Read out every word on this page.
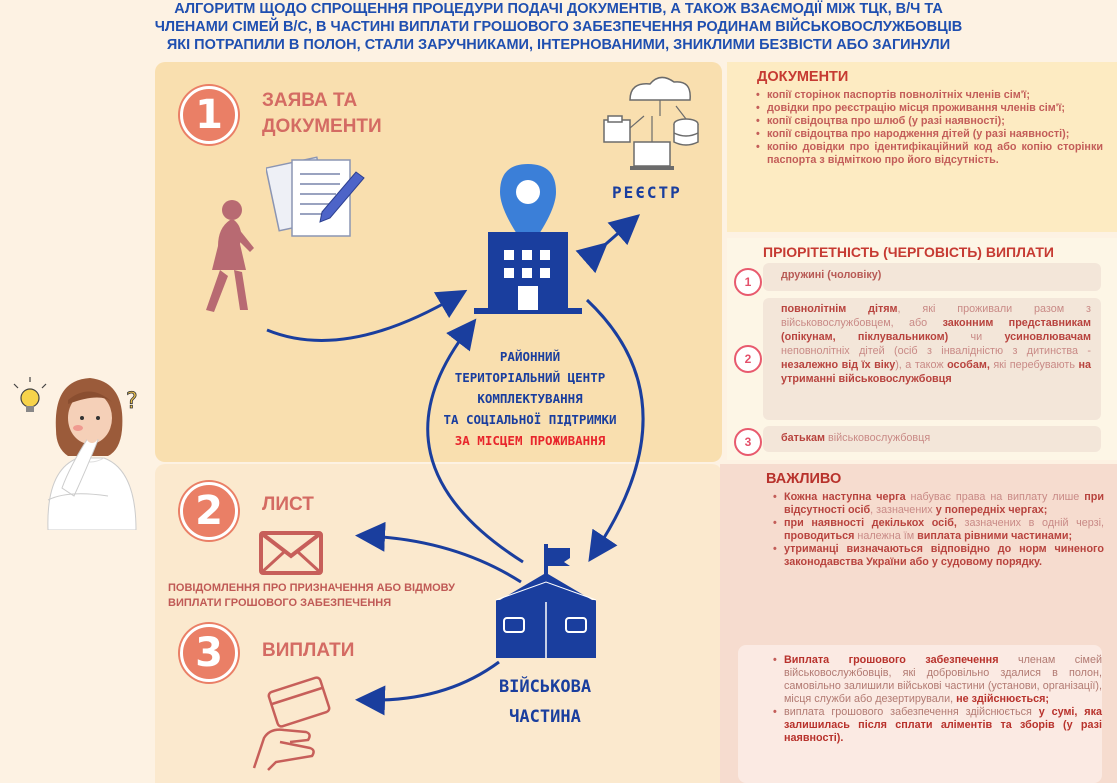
АЛГОРИТМ ЩОДО СПРОЩЕННЯ ПРОЦЕДУРИ ПОДАЧІ ДОКУМЕНТІВ, А ТАКОЖ ВЗАЄМОДІЇ МІЖ ТЦК, В/Ч ТА
ЧЛЕНАМИ СІМЕЙ В/С, В ЧАСТИНІ ВИПЛАТИ ГРОШОВОГО ЗАБЕЗПЕЧЕННЯ РОДИНАМ ВІЙСЬКОВОСЛУЖБОВЦІВ
ЯКІ ПОТРАПИЛИ В ПОЛОН, СТАЛИ ЗАРУЧНИКАМИ, ІНТЕРНОВАНИМИ, ЗНИКЛИМИ БЕЗВІСТИ АБО ЗАГИНУЛИ
?
1	ЗАЯВА ТА
ДОКУМЕНТИ
РЕЄСТР
РАЙОННИЙ
ТЕРИТОРІАЛЬНИЙ ЦЕНТР
КОМПЛЕКТУВАННЯ
ТА СОЦІАЛЬНОЇ ПІДТРИМКИ
ЗА МІСЦЕМ ПРОЖИВАННЯ
2	ЛИСТ
ПОВІДОМЛЕННЯ ПРО ПРИЗНАЧЕННЯ АБО ВІДМОВУ
ВИПЛАТИ ГРОШОВОГО ЗАБЕЗПЕЧЕННЯ
3	ВИПЛАТИ
ВІЙСЬКОВА
ЧАСТИНА
ДОКУМЕНТИ
• копії сторінок паспортів повнолітніх членів сім'ї;
• довідки про реєстрацію місця проживання членів сім'ї;
• копії свідоцтва про шлюб (у разі наявності);
• копії свідоцтва про народження дітей (у разі наявності);
• копію довідки про ідентифікаційний код або копію сторінки паспорта з відміткою про його відсутність.
ПРІОРІТЕТНІСТЬ (ЧЕРГОВІСТЬ) ВИПЛАТИ
дружині (чоловіку)
1
повнолітнім дітям, які проживали разом з військовослужбовцем, або законним представникам (опікунам, піклувальником) чи усиновлювачам неповнолітніх дітей (осіб з інвалідністю з дитинства - незалежно від їх віку), а також особам, які перебувають на утриманні військовослужбовця
2
батькам військовослужбовця
3
ВАЖЛИВО
• Кожна наступна черга набуває права на виплату лише при відсутності осіб, зазначених у попередніх чергах;
• при наявності декількох осіб, зазначених в одній черзі, проводиться належна їм виплата рівними частинами;
• утриманці визначаються відповідно до норм чиненого законодавства України або у судовому порядку.
• Виплата грошового забезпечення членам сімей військовослужбовців, які добровільно здалися в полон, самовільно залишили військові частини (установи, організації), місця служби або дезертирували, не здійснюється;
• виплата грошового забезпечення здійснюється у сумі, яка залишилась після сплати аліментів та зборів (у разі наявності).
